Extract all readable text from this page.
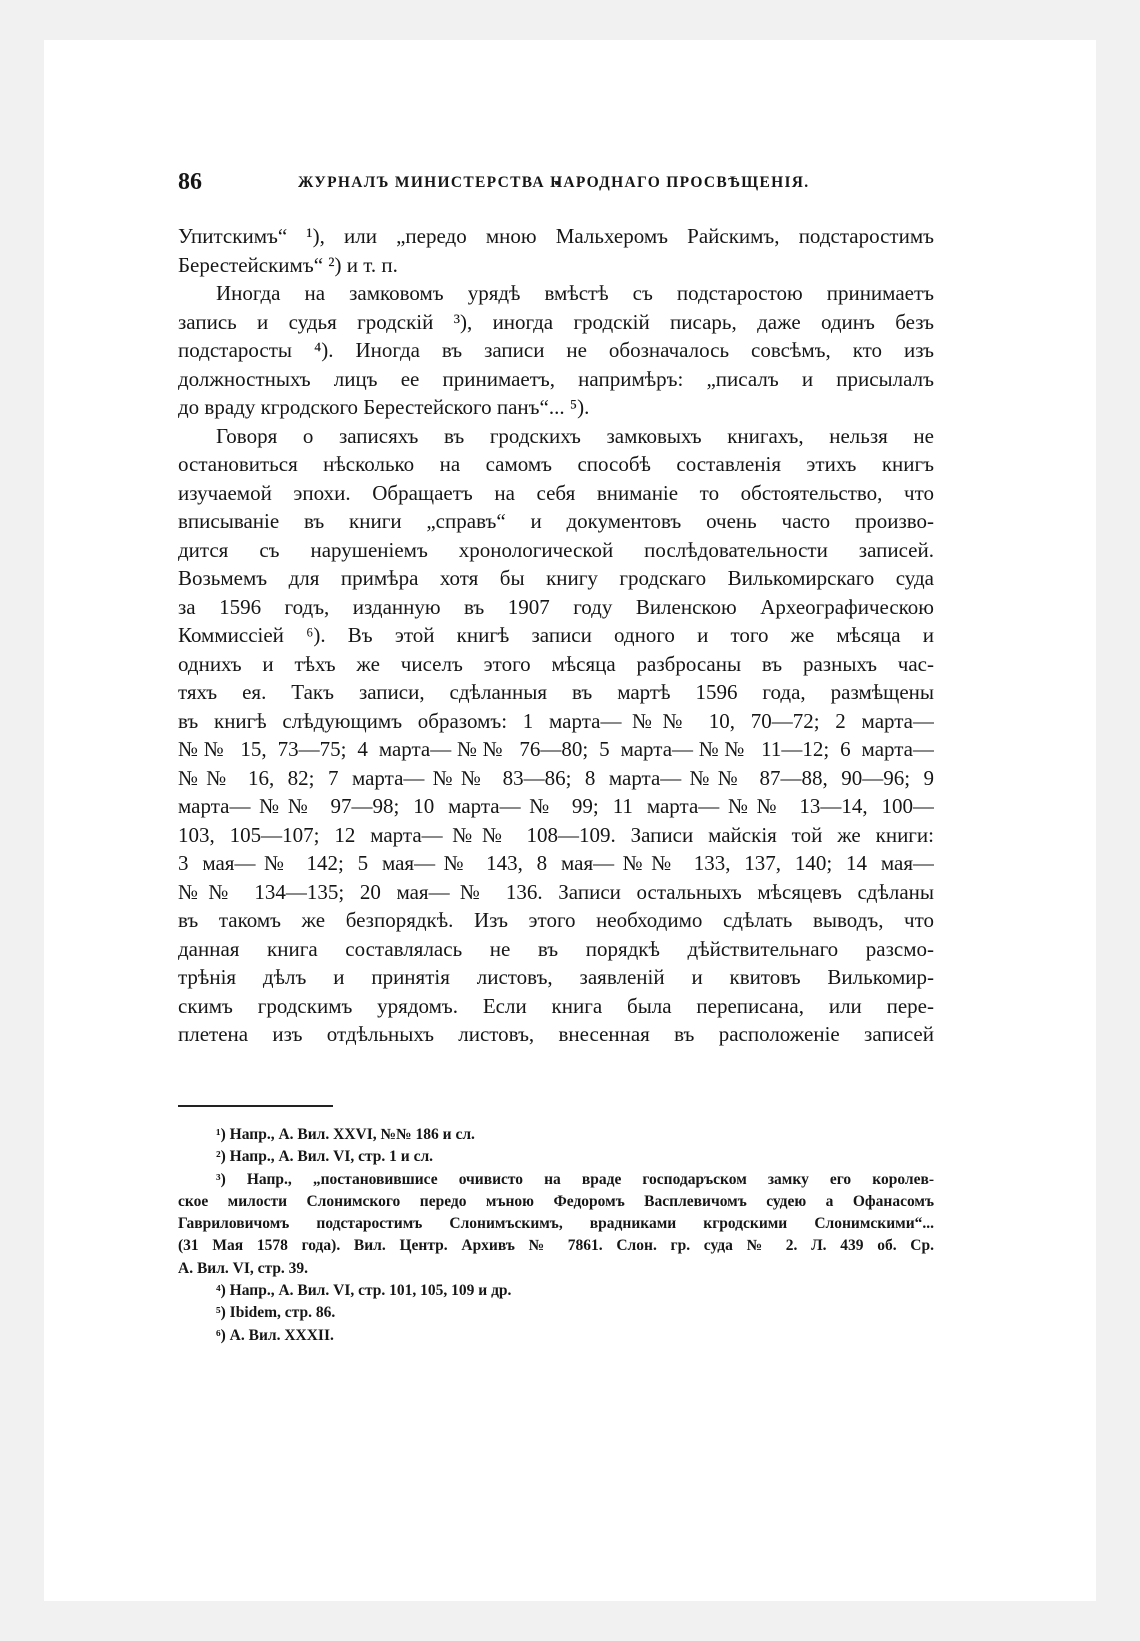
86	ЖУРНАЛЪ МИНИСТЕРСТВА НАРОДНАГО ПРОСВѢЩЕНІЯ.
Упитскимъ“ ¹), или „передо мною Мальхеромъ Райскимъ, подстаростимъ
Берестейскимъ“ ²) и т. п.
Иногда на замковомъ урядѣ вмѣстѣ съ подстаростою принимаетъ
запись и судья гродскій ³), иногда гродскій писарь, даже одинъ безъ
подстаросты ⁴). Иногда въ записи не обозначалось совсѣмъ, кто изъ
должностныхъ лицъ ее принимаетъ, напримѣръ: „писалъ и присылалъ
до враду кгродского Берестейского панъ“... ⁵).
Говоря о записяхъ въ гродскихъ замковыхъ книгахъ, нельзя не
остановиться нѣсколько на самомъ способѣ составленія этихъ книгъ
изучаемой эпохи. Обращаетъ на себя вниманіе то обстоятельство, что
вписываніе въ книги „справъ“ и документовъ очень часто произво-
дится съ нарушеніемъ хронологической послѣдовательности записей.
Возьмемъ для примѣра хотя бы книгу гродскаго Вилькомирскаго суда
за 1596 годъ, изданную въ 1907 году Виленскою Археографическою
Коммиссіей ⁶). Въ этой книгѣ записи одного и того же мѣсяца и
однихъ и тѣхъ же чиселъ этого мѣсяца разбросаны въ разныхъ час-
тяхъ ея. Такъ записи, сдѣланныя въ мартѣ 1596 года, размѣщены
въ книгѣ слѣдующимъ образомъ: 1 марта—№№ 10, 70—72; 2 марта—
№№ 15, 73—75; 4 марта—№№ 76—80; 5 марта—№№ 11—12; 6 марта—
№№ 16, 82; 7 марта—№№ 83—86; 8 марта—№№ 87—88, 90—96; 9
марта—№№ 97—98; 10 марта—№ 99; 11 марта—№№ 13—14, 100—
103, 105—107; 12 марта—№№ 108—109. Записи майскія той же книги:
3 мая—№ 142; 5 мая—№ 143, 8 мая—№№ 133, 137, 140; 14 мая—
№№ 134—135; 20 мая—№ 136. Записи остальныхъ мѣсяцевъ сдѣланы
въ такомъ же безпорядкѣ. Изъ этого необходимо сдѣлать выводъ, что
данная книга составлялась не въ порядкѣ дѣйствительнаго разсмо-
трѣнія дѣлъ и принятія листовъ, заявленій и квитовъ Вилькомир-
скимъ гродскимъ урядомъ. Если книга была переписана, или пере-
плетена изъ отдѣльныхъ листовъ, внесенная въ расположеніе записей
¹) Напр., А. Вил. XXVI, №№ 186 и сл.
²) Напр., А. Вил. VI, стр. 1 и сл.
³) Напр., „постановившисе очивисто на враде господаръском замку его королев-
ское милости Слонимского передо мъною Федоромъ Васплевичомъ судею а Офанасомъ
Гавриловичомъ подстаростимъ Слонимъскимъ, врадниками кгродскими Слонимскими“...
(31 Мая 1578 года). Вил. Центр. Архивъ № 7861. Слон. гр. суда № 2. Л. 439 об. Ср.
А. Вил. VI, стр. 39.
⁴) Напр., А. Вил. VI, стр. 101, 105, 109 и др.
⁵) Ibidem, стр. 86.
⁶) А. Вил. XXXII.
